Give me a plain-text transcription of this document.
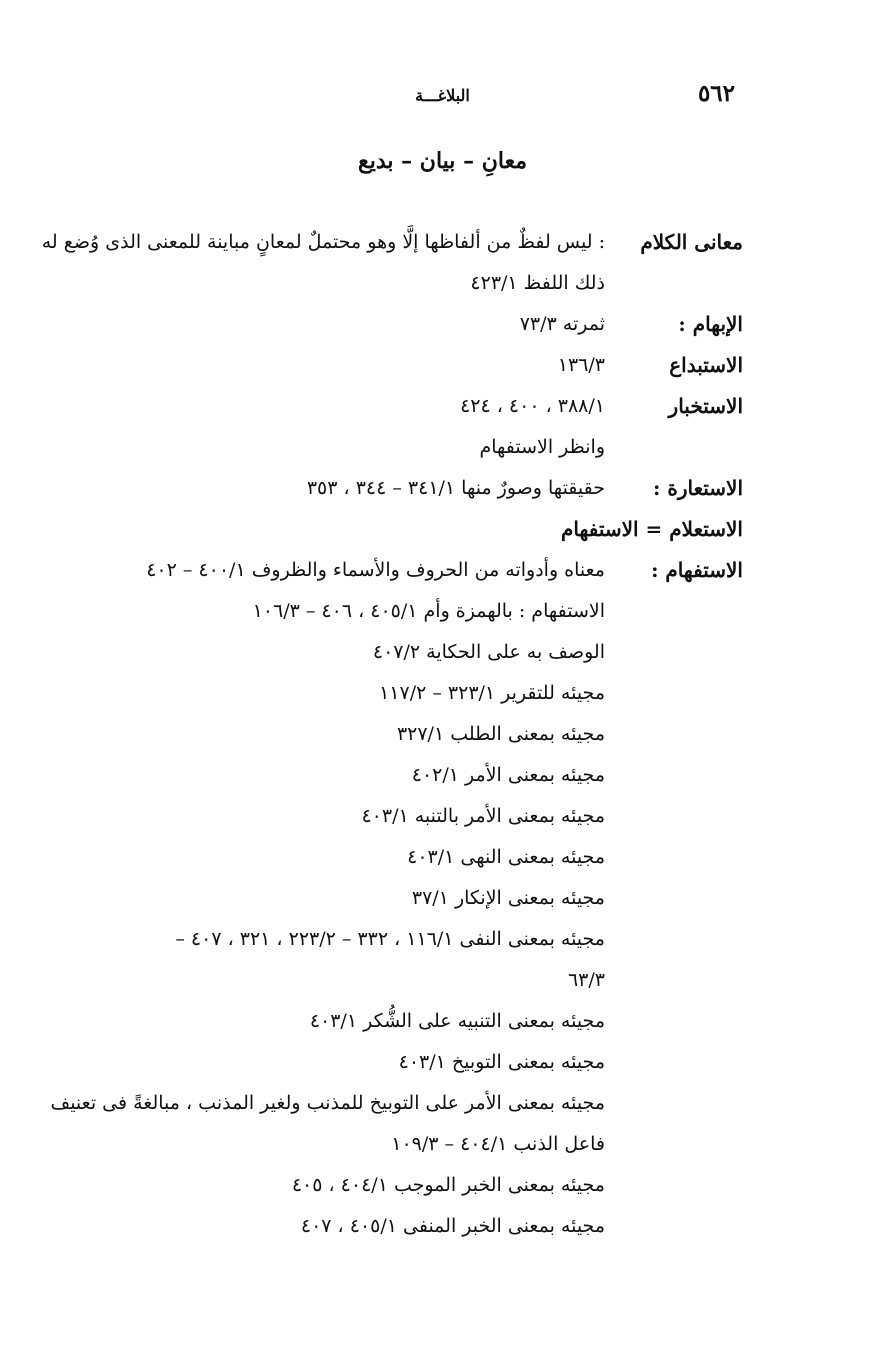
٥٦٢
البلاغـــة
معانِ – بيان – بديع
معانى الكلام
: ليس لفظٌ من ألفاظها إلَّا وهو محتملٌ لمعانٍ مباينة للمعنى الذى وُضع له
ذلك اللفظ ٤٢٣/١
الإبهام :
ثمرته ٧٣/٣
الاستبداع
١٣٦/٣
الاستخبار
٣٨٨/١ ، ٤٠٠ ، ٤٢٤
وانظر الاستفهام
الاستعارة :
حقيقتها وصورٌ منها ٣٤١/١ – ٣٤٤ ، ٣٥٣
الاستعلام = الاستفهام
الاستفهام :
معناه وأدواته من الحروف والأسماء والظروف ٤٠٠/١ – ٤٠٢
الاستفهام : بالهمزة وأم ٤٠٥/١ ، ٤٠٦ – ١٠٦/٣
الوصف به على الحكاية ٤٠٧/٢
مجيئه للتقرير ٣٢٣/١ – ١١٧/٢
مجيئه بمعنى الطلب ٣٢٧/١
مجيئه بمعنى الأمر ٤٠٢/١
مجيئه بمعنى الأمر بالتنبه ٤٠٣/١
مجيئه بمعنى النهى ٤٠٣/١
مجيئه بمعنى الإنكار ٣٧/١
مجيئه بمعنى النفى ١١٦/١ ، ٣٣٢ – ٢٢٣/٢ ، ٣٢١ ، ٤٠٧ –
٦٣/٣
مجيئه بمعنى التنبيه على الشُّكر ٤٠٣/١
مجيئه بمعنى التوبيخ ٤٠٣/١
مجيئه بمعنى الأمر على التوبيخ للمذنب ولغير المذنب ، مبالغةً فى تعنيف
فاعل الذنب ٤٠٤/١ – ١٠٩/٣
مجيئه بمعنى الخبر الموجب ٤٠٤/١ ، ٤٠٥
مجيئه بمعنى الخبر المنفى ٤٠٥/١ ، ٤٠٧
